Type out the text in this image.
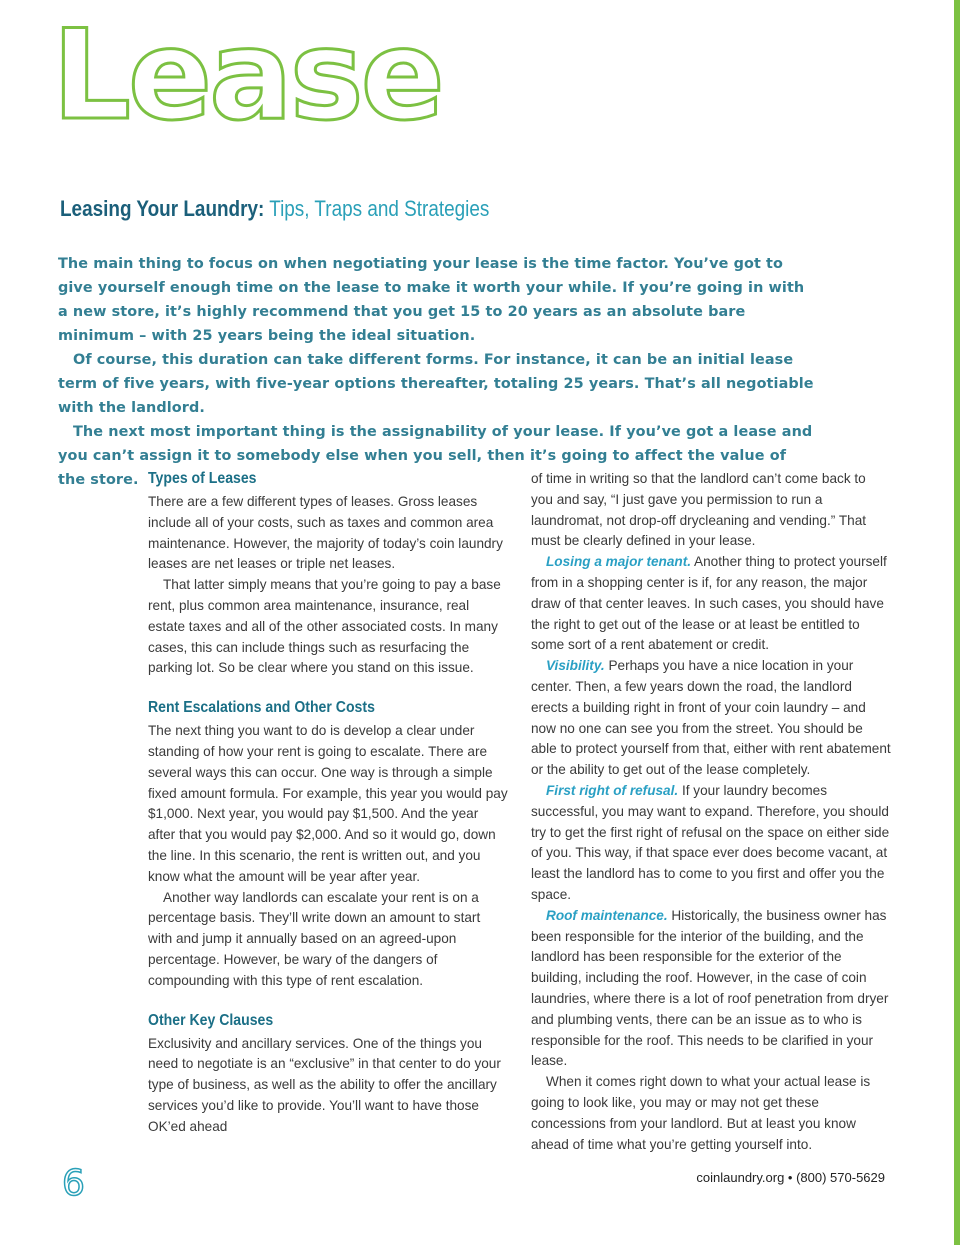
Lease
Leasing Your Laundry: Tips, Traps and Strategies

The main thing to focus on when negotiating your lease is the time factor. You’ve got to give yourself enough time on the lease to make it worth your while. If you’re going in with a new store, it’s highly recommend that you get 15 to 20 years as an absolute bare minimum – with 25 years being the ideal situation.

Of course, this duration can take different forms. For instance, it can be an initial lease term of five years, with five-year options thereafter, totaling 25 years. That’s all negotiable with the landlord.

The next most important thing is the assignability of your lease. If you’ve got a lease and you can’t assign it to somebody else when you sell, then it’s going to affect the value of the store. Types of Leases

There are a few different types of leases. Gross leases include all of your costs, such as taxes and common area maintenance. However, the majority of today’s coin laundry leases are net leases or triple net leases.

That latter simply means that you’re going to pay a base rent, plus common area maintenance, insurance, real estate taxes and all of the other associated costs. In many cases, this can include things such as resurfacing the parking lot. So be clear where you stand on this issue.

Rent Escalations and Other Costs

The next thing you want to do is develop a clear under standing of how your rent is going to escalate. There are several ways this can occur. One way is through a simple fixed amount formula. For example, this year you would pay $1,000. Next year, you would pay $1,500. And the year after that you would pay $2,000. And so it would go, down the line. In this scenario, the rent is written out, and you know what the amount will be year after year.

Another way landlords can escalate your rent is on a percentage basis. They’ll write down an amount to start with and jump it annually based on an agreed-upon percentage. However, be wary of the dangers of compounding with this type of rent escalation.

Other Key Clauses

Exclusivity and ancillary services. One of the things you need to negotiate is an “exclusive” in that center to do your type of business, as well as the ability to offer the ancillary services you’d like to provide. You’ll want to have those OK’ed ahead

of time in writing so that the landlord can’t come back to you and say, “I just gave you permission to run a laundromat, not drop-off drycleaning and vending.” That must be clearly defined in your lease.

Losing a major tenant. Another thing to protect yourself from in a shopping center is if, for any reason, the major draw of that center leaves. In such cases, you should have the right to get out of the lease or at least be entitled to some sort of a rent abatement or credit.

Visibility. Perhaps you have a nice location in your center. Then, a few years down the road, the landlord erects a building right in front of your coin laundry – and now no one can see you from the street. You should be able to protect yourself from that, either with rent abatement or the ability to get out of the lease completely.

First right of refusal. If your laundry becomes successful, you may want to expand. Therefore, you should try to get the first right of refusal on the space on either side of you. This way, if that space ever does become vacant, at least the landlord has to come to you first and offer you the space.

Roof maintenance. Historically, the business owner has been responsible for the interior of the building, and the landlord has been responsible for the exterior of the building, including the roof. However, in the case of coin laundries, where there is a lot of roof penetration from dryer and plumbing vents, there can be an issue as to who is responsible for the roof. This needs to be clarified in your lease.

When it comes right down to what your actual lease is going to look like, you may or may not get these concessions from your landlord. But at least you know ahead of time what you’re getting yourself into.

6	coinlaundry.org • (800) 570-5629
